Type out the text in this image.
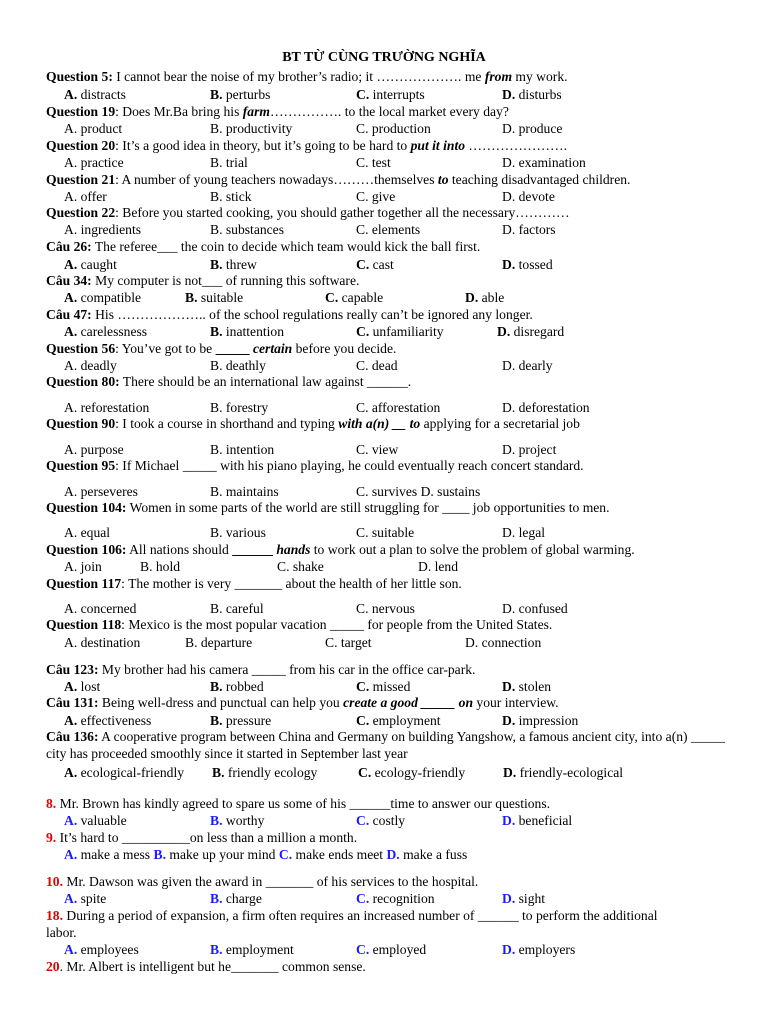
BT TỪ CÙNG TRƯỜNG NGHĨA
Question 5: I cannot bear the noise of my brother’s radio; it ………………. me from my work.
A. distracts	B. perturbs	C. interrupts	D. disturbs
Question 19: Does Mr.Ba bring his farm……………. to the local market every day?
A. product	B. productivity	C. production	D. produce
Question 20: It’s a good idea in theory, but it’s going to be hard to put it into ………………….
A. practice	B. trial	C. test	D. examination
Question 21: A number of young teachers nowadays………themselves to teaching disadvantaged children.
A. offer	B. stick	C. give	D. devote
Question 22: Before you started cooking, you should gather together all the necessary…………
A. ingredients	B. substances	C. elements	D. factors
Câu 26: The referee___ the coin to decide which team would kick the ball first.
A. caught	B. threw	C. cast	D. tossed
Câu 34: My computer is not___ of running this software.
A. compatible	B. suitable	C. capable	D. able
Câu 47: His ……………….. of the school regulations really can’t be ignored any longer.
A. carelessness	B. inattention	C. unfamiliarity	D. disregard
Question 56: You’ve got to be _____ certain before you decide.
A. deadly	B. deathly	C. dead	D. dearly
Question 80: There should be an international law against ______.
A. reforestation	B. forestry	C. afforestation	D. deforestation
Question 90: I took a course in shorthand and typing with a(n) __ to applying for a secretarial job
A. purpose	B. intention	C. view	D. project
Question 95: If Michael _____ with his piano playing, he could eventually reach concert standard.
A. perseveres	B. maintains	C. survives D. sustains
Question 104: Women in some parts of the world are still struggling for ____ job opportunities to men.
A. equal	B. various	C. suitable	D. legal
Question 106: All nations should ______ hands to work out a plan to solve the problem of global warming.
A. join	B. hold	C. shake	D. lend
Question 117: The mother is very _______ about the health of her little son.
A. concerned	B. careful	C. nervous	D. confused
Question 118: Mexico is the most popular vacation _____ for people from the United States.
A. destination	B. departure	C. target	D. connection
Câu 123: My brother had his camera _____ from his car in the office car-park.
A. lost	B. robbed	C. missed	D. stolen
Câu 131: Being well-dress and punctual can help you create a good _____ on your interview.
A. effectiveness	B. pressure	C. employment	D. impression
Câu 136: A cooperative program between China and Germany on building Yangshow, a famous ancient city, into a(n) _____ city has proceeded smoothly since it started in September last year
A. ecological-friendly B. friendly ecology	C. ecology-friendly	D. friendly-ecological
8. Mr. Brown has kindly agreed to spare us some of his ______time to answer our questions.
A. valuable	B. worthy	C. costly	D. beneficial
9. It’s hard to __________on less than a million a month.
A. make a mess B. make up your mind C. make ends meet D. make a fuss
10. Mr. Dawson was given the award in _______ of his services to the hospital.
A. spite	B. charge	C. recognition	D. sight
18. During a period of expansion, a firm often requires an increased number of ______ to perform the additional labor.
A. employees	B. employment	C. employed	D. employers
20. Mr. Albert is intelligent but he_______ common sense.
